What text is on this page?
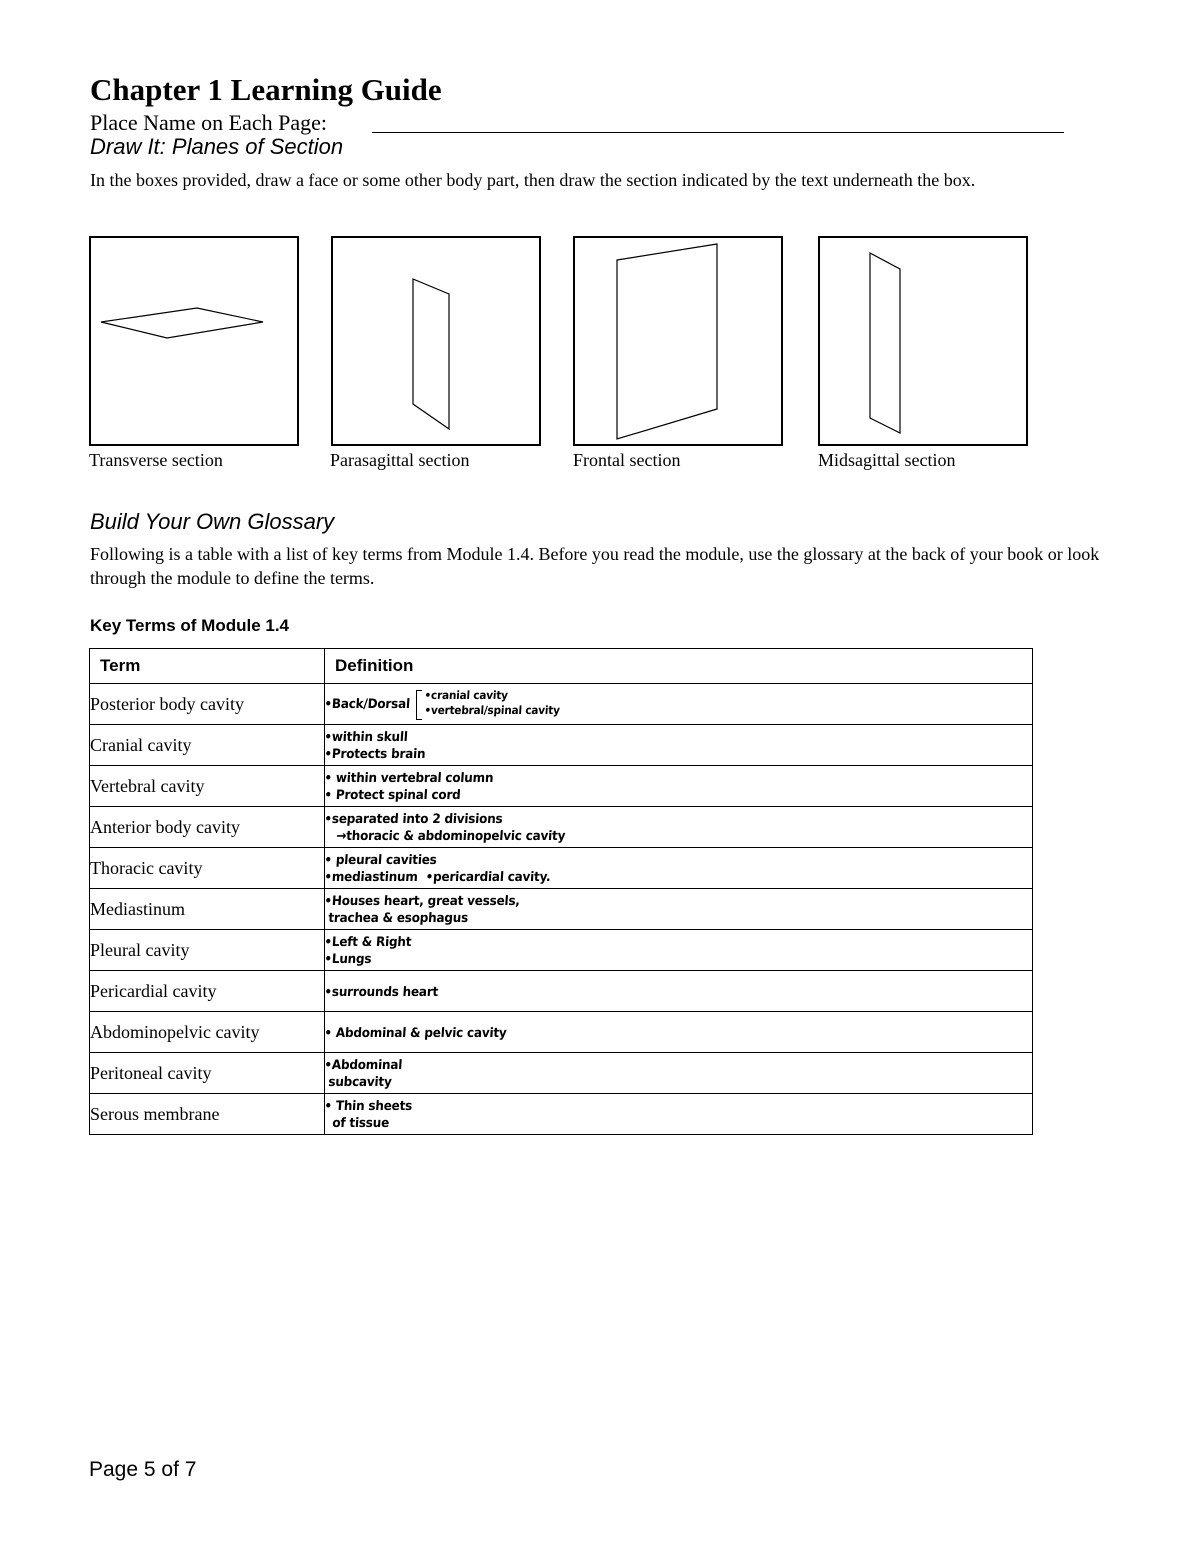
Chapter 1 Learning Guide
Place Name on Each Page:
Draw It: Planes of Section
In the boxes provided, draw a face or some other body part, then draw the section indicated by the text underneath the box.
Transverse section	Parasagittal section	Frontal section	Midsagittal section
Build Your Own Glossary
Following is a table with a list of key terms from Module 1.4. Before you read the module, use the glossary at the back of your book or look through the module to define the terms.
Key Terms of Module 1.4
Term	Definition
Posterior body cavity	•Back/Dorsal
•cranial cavity
•vertebral/spinal cavity

Cranial cavity	•within skull
•Protects brain

Vertebral cavity	• within vertebral column
• Protect spinal cord

Anterior body cavity	•separated into 2 divisions
→thoracic & abdominopelvic cavity

Thoracic cavity	• pleural cavities
•mediastinum  •pericardial cavity.

Mediastinum	•Houses heart, great vessels,
trachea & esophagus

Pleural cavity	•Left & Right
•Lungs

Pericardial cavity	•surrounds heart

Abdominopelvic cavity	• Abdominal & pelvic cavity

Peritoneal cavity	•Abdominal
subcavity

Serous membrane	• Thin sheets
of tissue
Page 5 of 7
